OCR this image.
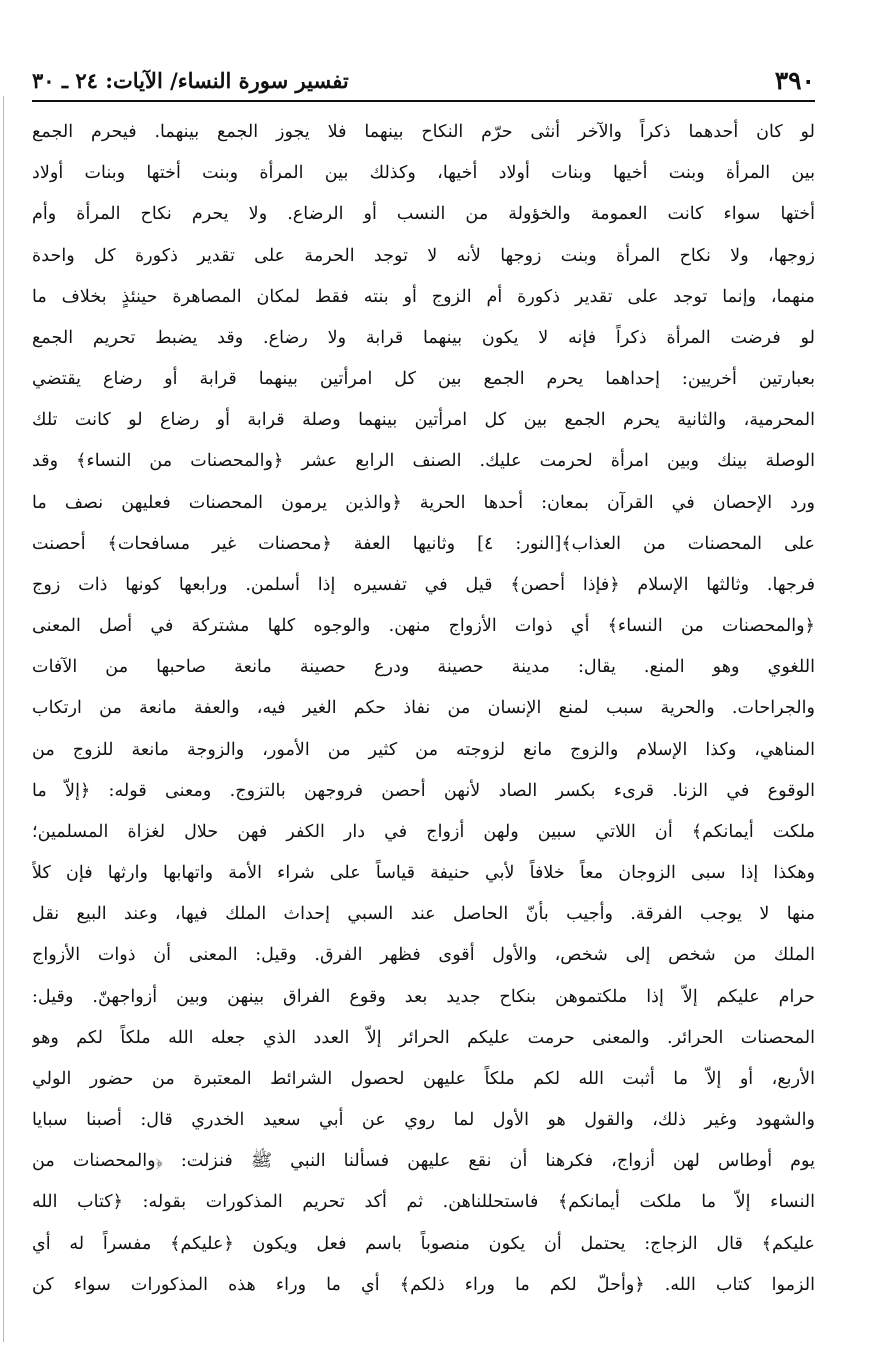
٣٩٠
تفسير سورة النساء/ الآيات: ٢٤ ـ ٣٠
لو كان أحدهما ذكراً والآخر أنثى حرّم النكاح بينهما فلا يجوز الجمع بينهما. فيحرم الجمع
بين المرأة وبنت أخيها وبنات أولاد أخيها، وكذلك بين المرأة وبنت أختها وبنات أولاد
أختها سواء كانت العمومة والخؤولة من النسب أو الرضاع. ولا يحرم نكاح المرأة وأم
زوجها، ولا نكاح المرأة وبنت زوجها لأنه لا توجد الحرمة على تقدير ذكورة كل واحدة
منهما، وإنما توجد على تقدير ذكورة أم الزوج أو بنته فقط لمكان المصاهرة حينئذٍ بخلاف ما
لو فرضت المرأة ذكراً فإنه لا يكون بينهما قرابة ولا رضاع. وقد يضبط تحريم الجمع
بعبارتين أخريين: إحداهما يحرم الجمع بين كل امرأتين بينهما قرابة أو رضاع يقتضي
المحرمية، والثانية يحرم الجمع بين كل امرأتين بينهما وصلة قرابة أو رضاع لو كانت تلك
الوصلة بينك وبين امرأة لحرمت عليك. الصنف الرابع عشر ﴿والمحصنات من النساء﴾ وقد
ورد الإحصان في القرآن بمعان: أحدها الحرية ﴿والذين يرمون المحصنات فعليهن نصف ما
على المحصنات من العذاب﴾[النور: ٤] وثانيها العفة ﴿محصنات غير مسافحات﴾ أحصنت
فرجها. وثالثها الإسلام ﴿فإذا أحصن﴾ قيل في تفسيره إذا أسلمن. ورابعها كونها ذات زوج
﴿والمحصنات من النساء﴾ أي ذوات الأزواج منهن. والوجوه كلها مشتركة في أصل المعنى
اللغوي وهو المنع. يقال: مدينة حصينة ودرع حصينة مانعة صاحبها من الآفات
والجراحات. والحرية سبب لمنع الإنسان من نفاذ حكم الغير فيه، والعفة مانعة من ارتكاب
المناهي، وكذا الإسلام والزوج مانع لزوجته من كثير من الأمور، والزوجة مانعة للزوج من
الوقوع في الزنا. قرىء بكسر الصاد لأنهن أحصن فروجهن بالتزوج. ومعنى قوله: ﴿إلاّ ما
ملكت أيمانكم﴾ أن اللاتي سبين ولهن أزواج في دار الكفر فهن حلال لغزاة المسلمين؛
وهكذا إذا سبى الزوجان معاً خلافاً لأبي حنيفة قياساً على شراء الأمة واتهابها وارثها فإن كلاً
منها لا يوجب الفرقة. وأجيب بأنّ الحاصل عند السبي إحداث الملك فيها، وعند البيع نقل
الملك من شخص إلى شخص، والأول أقوى فظهر الفرق. وقيل: المعنى أن ذوات الأزواج
حرام عليكم إلاّ إذا ملكتموهن بنكاح جديد بعد وقوع الفراق بينهن وبين أزواجهنّ. وقيل:
المحصنات الحرائر. والمعنى حرمت عليكم الحرائر إلاّ العدد الذي جعله الله ملكاً لكم وهو
الأربع، أو إلاّ ما أثبت الله لكم ملكاً عليهن لحصول الشرائط المعتبرة من حضور الولي
والشهود وغير ذلك، والقول هو الأول لما روي عن أبي سعيد الخدري قال: أصبنا سبايا
يوم أوطاس لهن أزواج، فكرهنا أن نقع عليهن فسألنا النبي ﷺ فنزلت: ﴿والمحصنات من
النساء إلاّ ما ملكت أيمانكم﴾ فاستحللناهن. ثم أكد تحريم المذكورات بقوله: ﴿كتاب الله
عليكم﴾ قال الزجاج: يحتمل أن يكون منصوباً باسم فعل ويكون ﴿عليكم﴾ مفسراً له أي
الزموا كتاب الله. ﴿وأحلّ لكم ما وراء ذلكم﴾ أي ما وراء هذه المذكورات سواء كن
